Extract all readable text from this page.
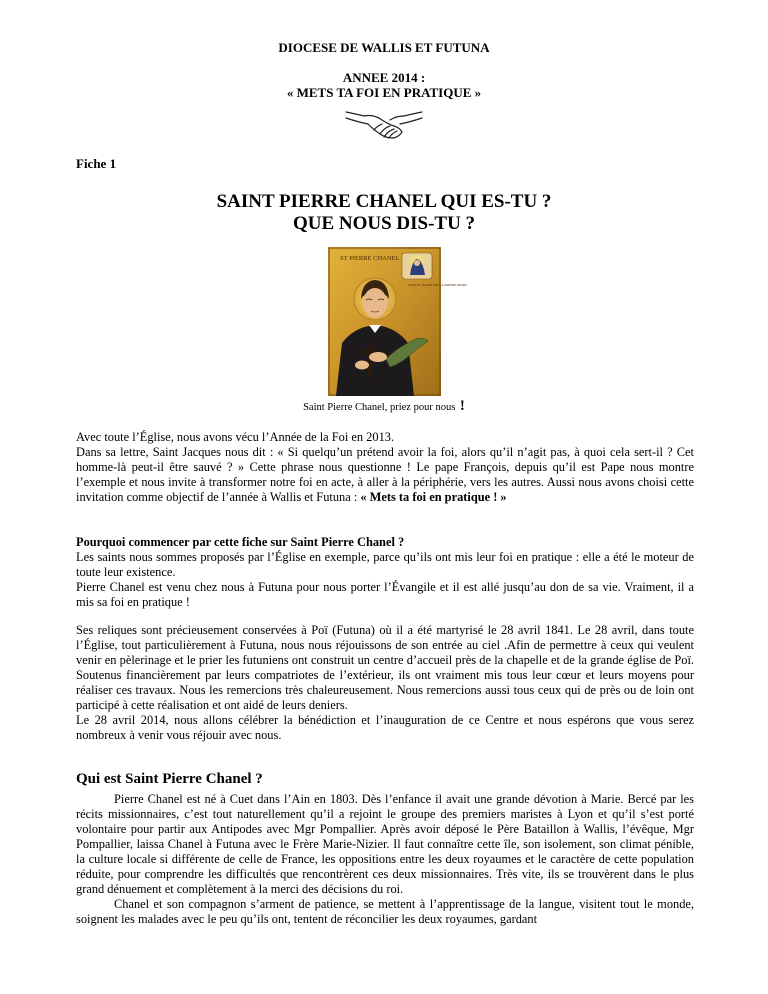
DIOCESE DE WALLIS ET FUTUNA
ANNEE 2014 :
« METS TA FOI EN PRATIQUE »
Fiche 1
SAINT PIERRE CHANEL QUI ES-TU ?
QUE NOUS DIS-TU ?
ST PIERRE CHANEL
SAINTE MARIE DE LA BONNE MORT
Saint Pierre Chanel, priez pour nous !

Avec toute l’Église, nous avons vécu l’Année de la Foi en 2013.

Dans sa lettre, Saint Jacques nous dit : « Si quelqu’un prétend avoir la foi, alors qu’il n’agit pas, à quoi cela sert-il ? Cet homme-là peut-il être sauvé ? » Cette phrase nous questionne ! Le pape François, depuis qu’il est Pape nous montre l’exemple et nous invite à transformer notre foi en acte, à aller à la périphérie, vers les autres. Aussi nous avons choisi cette invitation comme objectif de l’année à Wallis et Futuna : « Mets ta foi en pratique ! »

Pourquoi commencer par cette fiche sur Saint Pierre Chanel ?

Les saints nous sommes proposés par l’Église en exemple, parce qu’ils ont mis leur foi en pratique : elle a été le moteur de toute leur existence.

Pierre Chanel est venu chez nous à Futuna pour nous porter l’Évangile et il est allé jusqu’au don de sa vie. Vraiment, il a mis sa foi en pratique !

Ses reliques sont précieusement conservées à Poï (Futuna) où il a été martyrisé le 28 avril 1841. Le 28 avril, dans toute l’Église, tout particulièrement à Futuna, nous nous réjouissons de son entrée au ciel .Afin de permettre à ceux qui veulent venir en pèlerinage et le prier les futuniens ont construit un centre d’accueil près de la chapelle et de la grande église de Poï. Soutenus financièrement par leurs compatriotes de l’extérieur, ils ont vraiment mis tous leur cœur et leurs moyens pour réaliser ces travaux. Nous les remercions très chaleureusement. Nous remercions aussi tous ceux qui de près ou de loin ont participé à cette réalisation et ont aidé de leurs deniers.

Le 28 avril 2014, nous allons célébrer la bénédiction et l’inauguration de ce Centre et nous espérons que vous serez nombreux à venir vous réjouir avec nous.

Qui est Saint Pierre Chanel ?

Pierre Chanel est né à Cuet dans l’Ain en 1803. Dès l’enfance il avait une grande dévotion à Marie. Bercé par les récits missionnaires, c’est tout naturellement qu’il a rejoint le groupe des premiers maristes à Lyon et qu’il s’est porté volontaire pour partir aux Antipodes avec Mgr Pompallier. Après avoir déposé le Père Bataillon à Wallis, l’évêque, Mgr Pompallier, laissa Chanel à Futuna avec le Frère Marie-Nizier. Il faut connaître cette île, son isolement, son climat pénible, la culture locale si différente de celle de France, les oppositions entre les deux royaumes et le caractère de cette population réduite, pour comprendre les difficultés que rencontrèrent ces deux missionnaires. Très vite, ils se trouvèrent dans le plus grand dénuement et complètement à la merci des décisions du roi.

Chanel et son compagnon s’arment de patience, se mettent à l’apprentissage de la langue, visitent tout le monde, soignent les malades avec le peu qu’ils ont, tentent de réconcilier les deux royaumes, gardant
